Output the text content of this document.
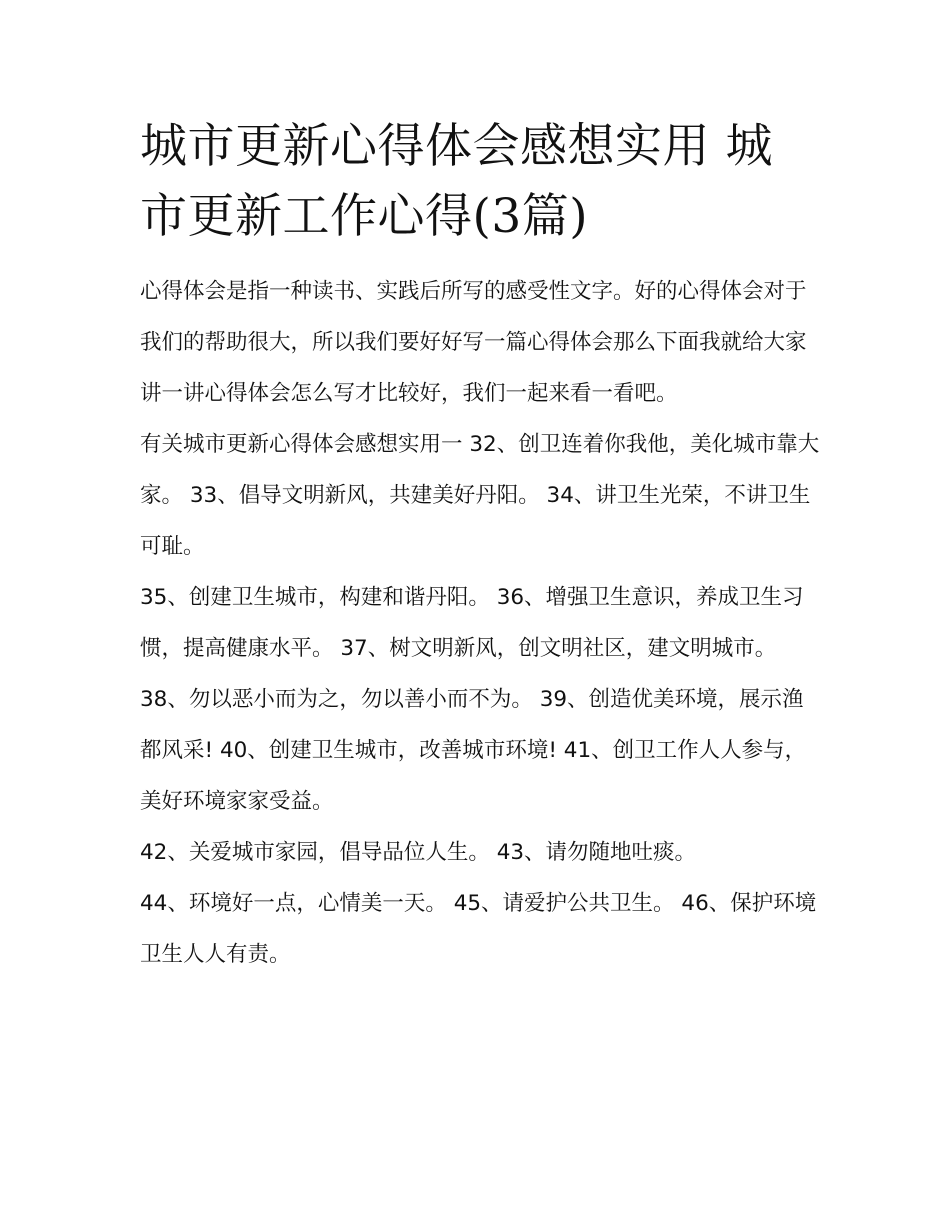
城市更新心得体会感想实用 城市更新工作心得(3篇)

心得体会是指一种读书、实践后所写的感受性文字。好的心得体会对于我们的帮助很大，所以我们要好好写一篇心得体会那么下面我就给大家讲一讲心得体会怎么写才比较好，我们一起来看一看吧。

有关城市更新心得体会感想实用一 32、创卫连着你我他，美化城市靠大家。 33、倡导文明新风，共建美好丹阳。 34、讲卫生光荣，不讲卫生可耻。

35、创建卫生城市，构建和谐丹阳。 36、增强卫生意识，养成卫生习惯，提高健康水平。 37、树文明新风，创文明社区，建文明城市。

38、勿以恶小而为之，勿以善小而不为。 39、创造优美环境，展示渔都风采! 40、创建卫生城市，改善城市环境! 41、创卫工作人人参与，美好环境家家受益。

42、关爱城市家园，倡导品位人生。 43、请勿随地吐痰。

44、环境好一点，心情美一天。 45、请爱护公共卫生。 46、保护环境卫生人人有责。
